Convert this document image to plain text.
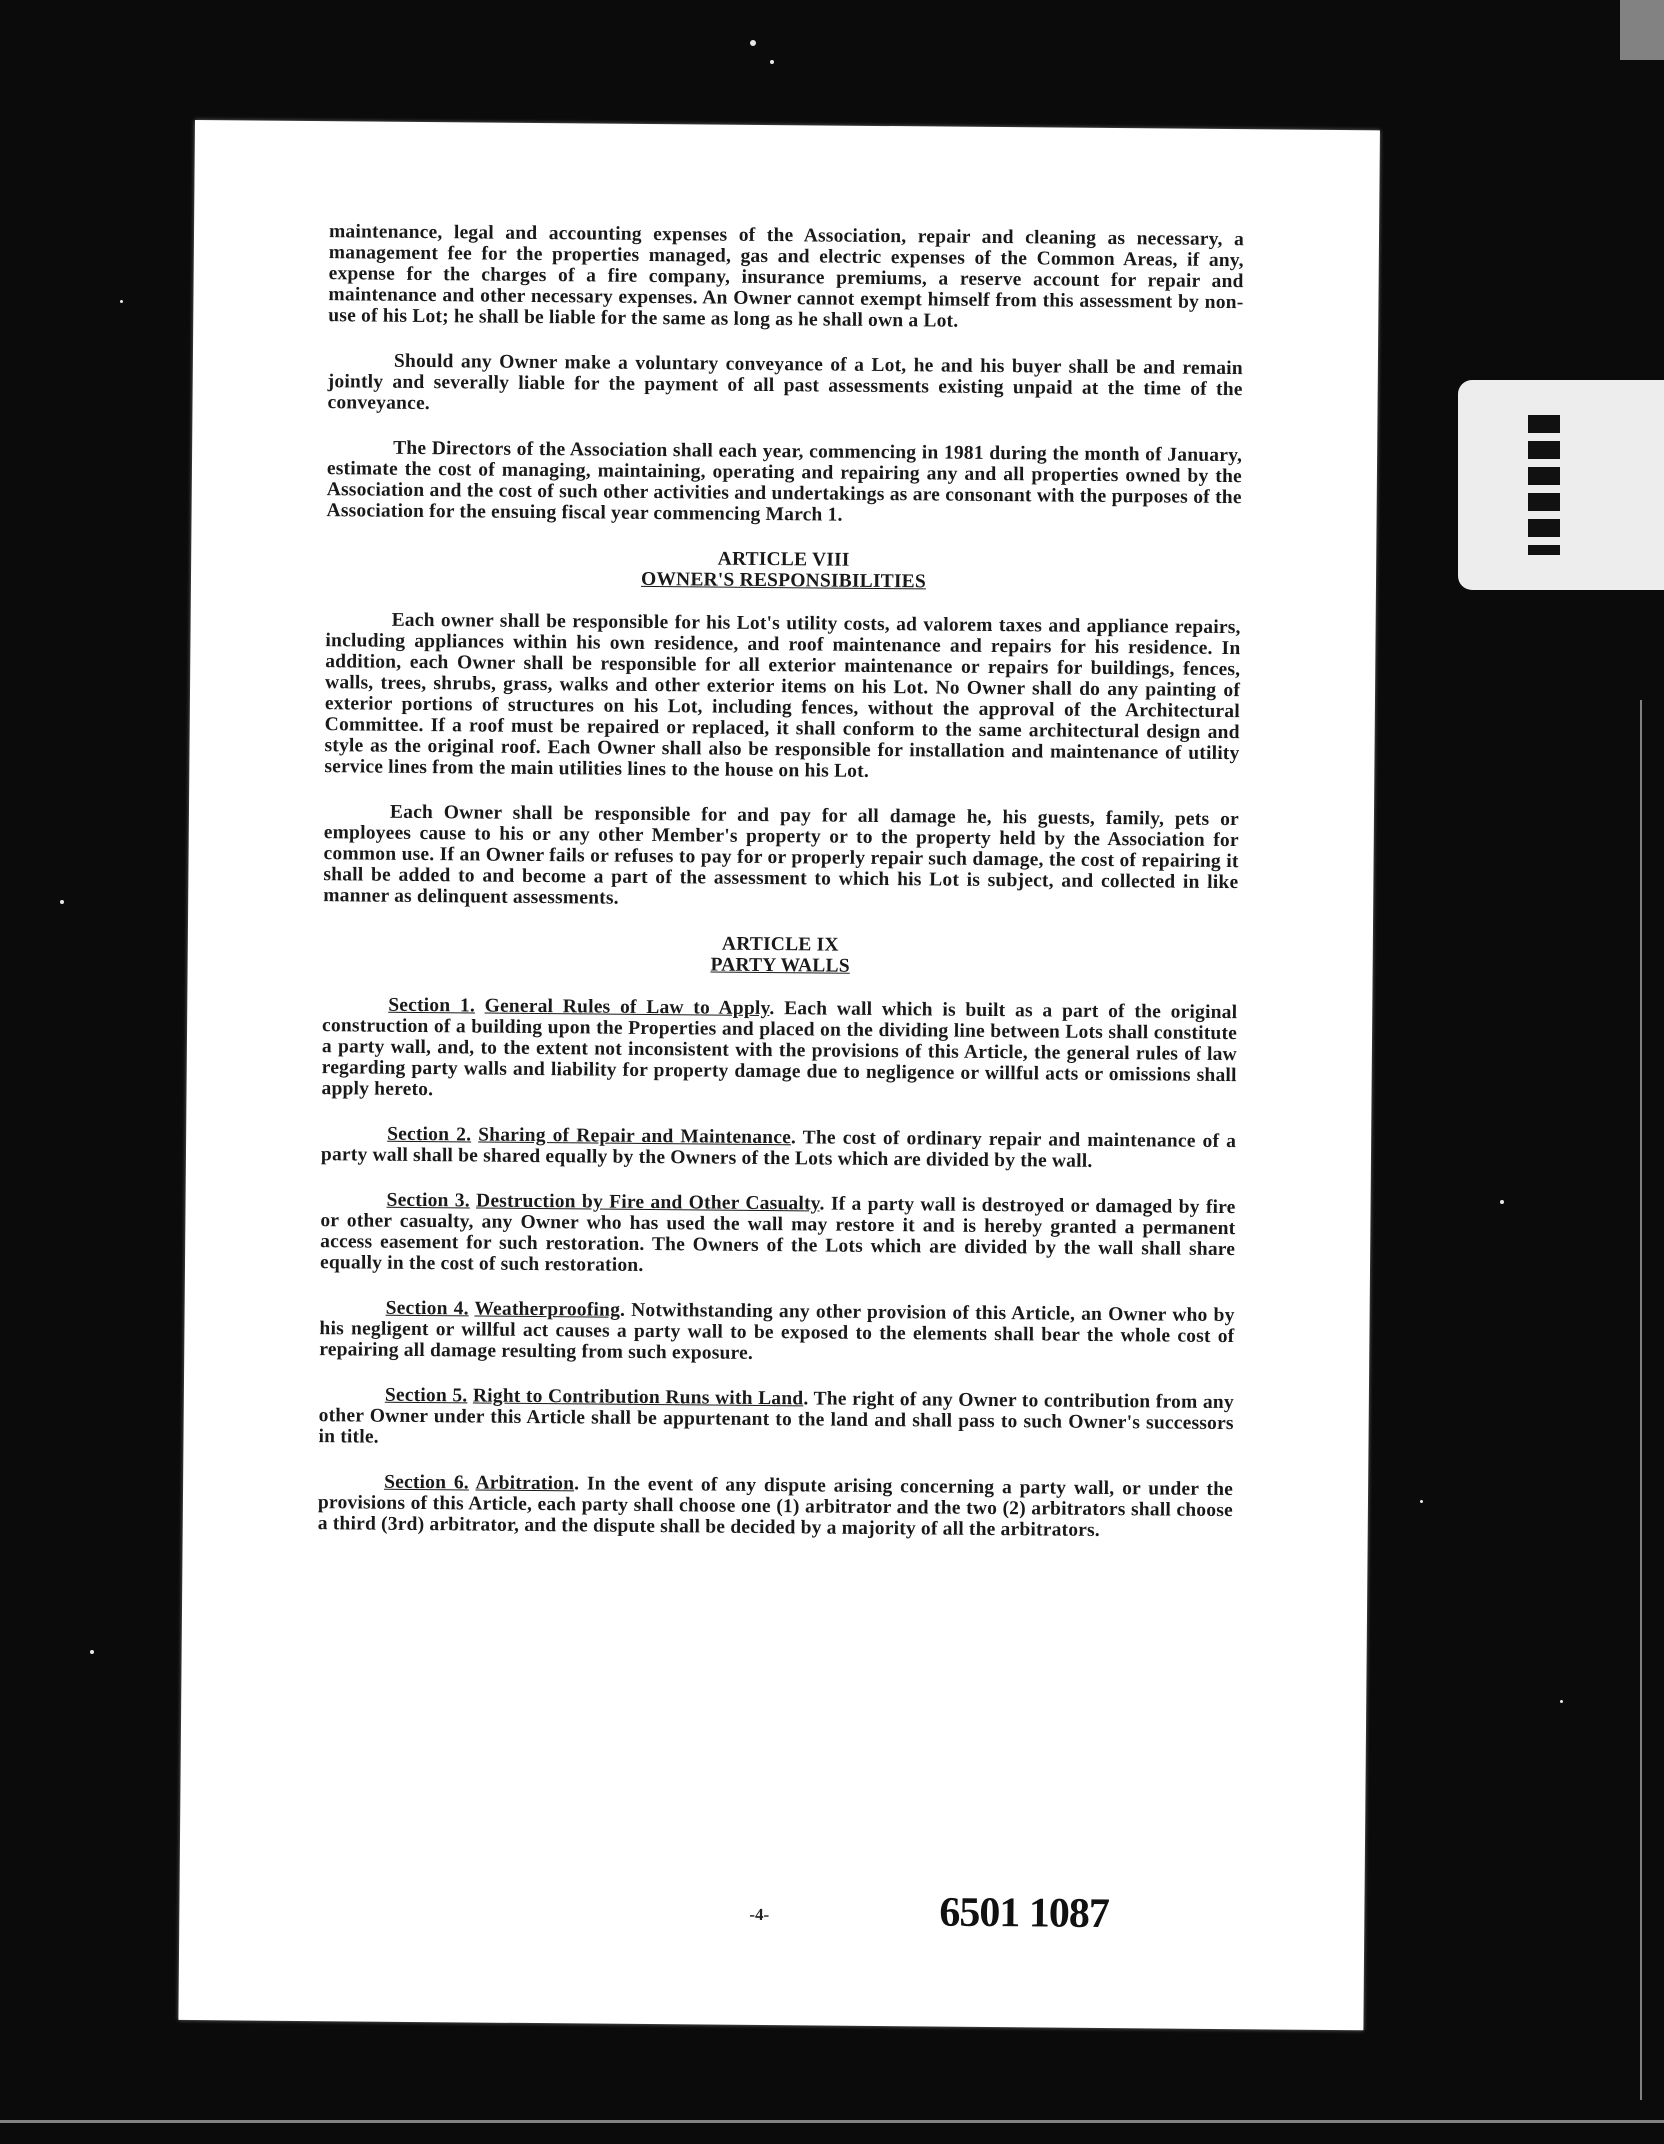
maintenance, legal and accounting expenses of the Association, repair and cleaning as necessary, a management fee for the properties managed, gas and electric expenses of the Common Areas, if any, expense for the charges of a fire company, insurance premiums, a reserve account for repair and maintenance and other necessary expenses. An Owner cannot exempt himself from this assessment by non-use of his Lot; he shall be liable for the same as long as he shall own a Lot.

Should any Owner make a voluntary conveyance of a Lot, he and his buyer shall be and remain jointly and severally liable for the payment of all past assessments existing unpaid at the time of the conveyance.

The Directors of the Association shall each year, commencing in 1981 during the month of January, estimate the cost of managing, maintaining, operating and repairing any and all properties owned by the Association and the cost of such other activities and undertakings as are consonant with the purposes of the Association for the ensuing fiscal year commencing March 1.

ARTICLE VIII
OWNER'S RESPONSIBILITIES

Each owner shall be responsible for his Lot's utility costs, ad valorem taxes and appliance repairs, including appliances within his own residence, and roof maintenance and repairs for his residence. In addition, each Owner shall be responsible for all exterior maintenance or repairs for buildings, fences, walls, trees, shrubs, grass, walks and other exterior items on his Lot. No Owner shall do any painting of exterior portions of structures on his Lot, including fences, without the approval of the Architectural Committee. If a roof must be repaired or replaced, it shall conform to the same architectural design and style as the original roof. Each Owner shall also be responsible for installation and maintenance of utility service lines from the main utilities lines to the house on his Lot.

Each Owner shall be responsible for and pay for all damage he, his guests, family, pets or employees cause to his or any other Member's property or to the property held by the Association for common use. If an Owner fails or refuses to pay for or properly repair such damage, the cost of repairing it shall be added to and become a part of the assessment to which his Lot is subject, and collected in like manner as delinquent assessments.

ARTICLE IX
PARTY WALLS

Section 1. General Rules of Law to Apply. Each wall which is built as a part of the original construction of a building upon the Properties and placed on the dividing line between Lots shall constitute a party wall, and, to the extent not inconsistent with the provisions of this Article, the general rules of law regarding party walls and liability for property damage due to negligence or willful acts or omissions shall apply hereto.

Section 2. Sharing of Repair and Maintenance. The cost of ordinary repair and maintenance of a party wall shall be shared equally by the Owners of the Lots which are divided by the wall.

Section 3. Destruction by Fire and Other Casualty. If a party wall is destroyed or damaged by fire or other casualty, any Owner who has used the wall may restore it and is hereby granted a permanent access easement for such restoration. The Owners of the Lots which are divided by the wall shall share equally in the cost of such restoration.

Section 4. Weatherproofing. Notwithstanding any other provision of this Article, an Owner who by his negligent or willful act causes a party wall to be exposed to the elements shall bear the whole cost of repairing all damage resulting from such exposure.

Section 5. Right to Contribution Runs with Land. The right of any Owner to contribution from any other Owner under this Article shall be appurtenant to the land and shall pass to such Owner's successors in title.

Section 6. Arbitration. In the event of any dispute arising concerning a party wall, or under the provisions of this Article, each party shall choose one (1) arbitrator and the two (2) arbitrators shall choose a third (3rd) arbitrator, and the dispute shall be decided by a majority of all the arbitrators.

-4-	6501 1087
